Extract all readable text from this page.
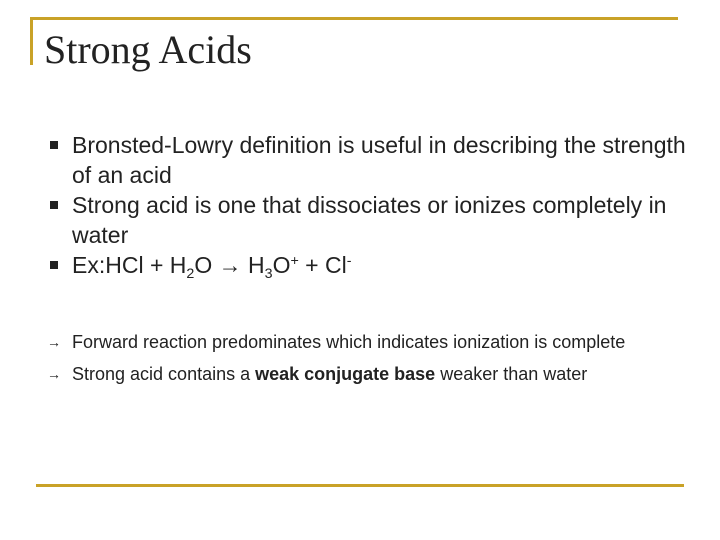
Strong Acids
Bronsted-Lowry definition is useful in describing the strength of an acid
Strong acid is one that dissociates or ionizes completely in water
Ex:HCl + $H_2O \to H_3O^+ + Cl^-$
→ Forward reaction predominates which indicates ionization is complete
→ Strong acid contains a weak conjugate base weaker than water
